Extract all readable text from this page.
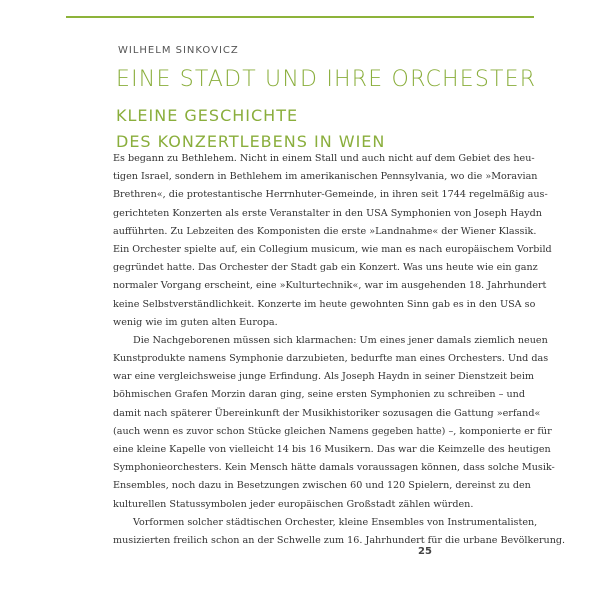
WILHELM SINKOVICZ
EINE STADT UND IHRE ORCHESTER
KLEINE GESCHICHTE
DES KONZERTLEBENS IN WIEN
Es begann zu Bethlehem. Nicht in einem Stall und auch nicht auf dem Gebiet des heu-
tigen Israel, sondern in Bethlehem im amerikanischen Pennsylvania, wo die »Moravian
Brethren«, die protestantische Herrnhuter-Gemeinde, in ihren seit 1744 regelmäßig aus-
gerichteten Konzerten als erste Veranstalter in den USA Symphonien von Joseph Haydn
aufführten. Zu Lebzeiten des Komponisten die erste »Landnahme« der Wiener Klassik.
Ein Orchester spielte auf, ein Collegium musicum, wie man es nach europäischem Vorbild
gegründet hatte. Das Orchester der Stadt gab ein Konzert. Was uns heute wie ein ganz
normaler Vorgang erscheint, eine »Kulturtechnik«, war im ausgehenden 18. Jahrhundert
keine Selbstverständlichkeit. Konzerte im heute gewohnten Sinn gab es in den USA so
wenig wie im guten alten Europa.
Die Nachgeborenen müssen sich klarmachen: Um eines jener damals ziemlich neuen
Kunstprodukte namens Symphonie darzubieten, bedurfte man eines Orchesters. Und das
war eine vergleichsweise junge Erfindung. Als Joseph Haydn in seiner Dienstzeit beim
böhmischen Grafen Morzin daran ging, seine ersten Symphonien zu schreiben – und
damit nach späterer Übereinkunft der Musikhistoriker sozusagen die Gattung »erfand«
(auch wenn es zuvor schon Stücke gleichen Namens gegeben hatte) –, komponierte er für
eine kleine Kapelle von vielleicht 14 bis 16 Musikern. Das war die Keimzelle des heutigen
Symphonieorchesters. Kein Mensch hätte damals voraussagen können, dass solche Musik-
Ensembles, noch dazu in Besetzungen zwischen 60 und 120 Spielern, dereinst zu den
kulturellen Statussymbolen jeder europäischen Großstadt zählen würden.
Vorformen solcher städtischen Orchester, kleine Ensembles von Instrumentalisten,
musizierten freilich schon an der Schwelle zum 16. Jahrhundert für die urbane Bevölkerung.
25
